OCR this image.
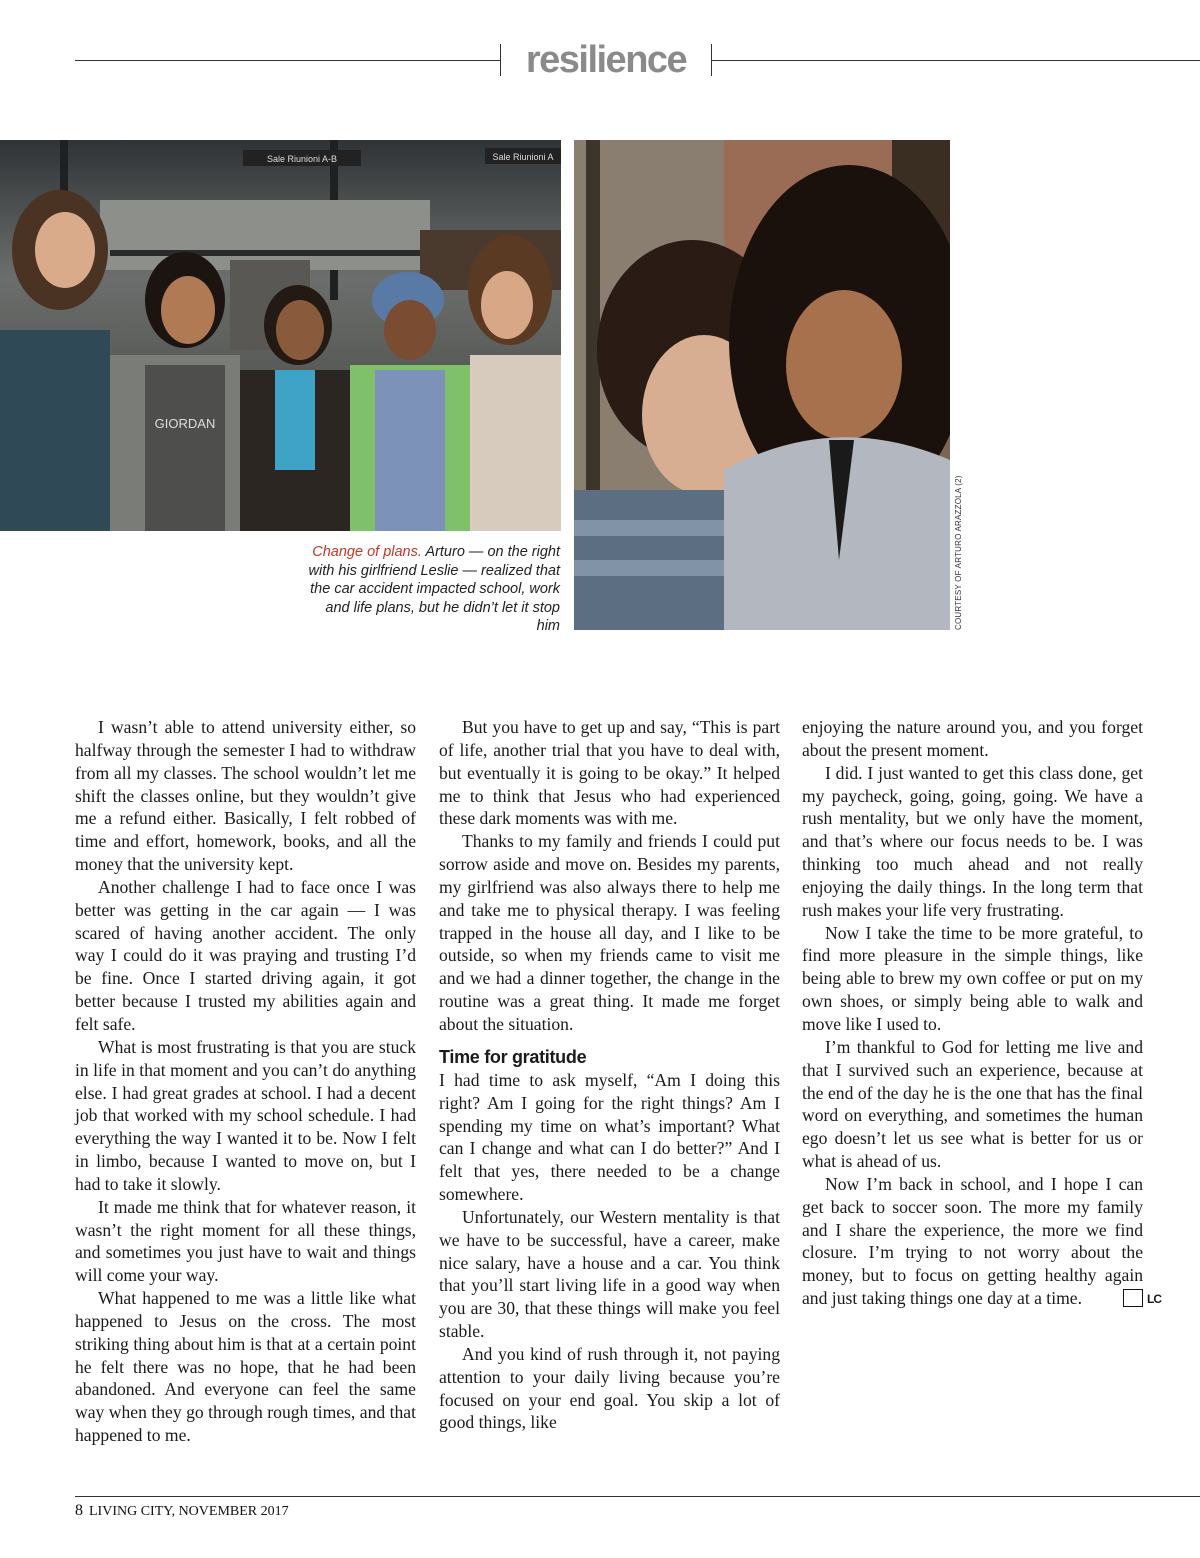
resilience
Sale Riunioni A-B	Sale Riunioni A
GIORDAN
COURTESY OF ARTURO ARAZZOLA (2)
Change of plans. Arturo — on the right with his girlfriend Leslie — realized that the car accident impacted school, work and life plans, but he didn’t let it stop him

I wasn’t able to attend university either, so halfway through the semester I had to withdraw from all my classes. The school wouldn’t let me shift the classes online, but they wouldn’t give me a refund either. Basically, I felt robbed of time and effort, homework, books, and all the money that the university kept.

Another challenge I had to face once I was better was getting in the car again — I was scared of having another accident. The only way I could do it was praying and trusting I’d be fine. Once I started driving again, it got better because I trusted my abilities again and felt safe.

What is most frustrating is that you are stuck in life in that moment and you can’t do anything else. I had great grades at school. I had a decent job that worked with my school schedule. I had everything the way I wanted it to be. Now I felt in limbo, because I wanted to move on, but I had to take it slowly.

It made me think that for whatever reason, it wasn’t the right moment for all these things, and sometimes you just have to wait and things will come your way.

What happened to me was a little like what happened to Jesus on the cross. The most striking thing about him is that at a certain point he felt there was no hope, that he had been abandoned. And everyone can feel the same way when they go through rough times, and that happened to me.

But you have to get up and say, “This is part of life, another trial that you have to deal with, but eventually it is going to be okay.” It helped me to think that Jesus who had experienced these dark moments was with me.

Thanks to my family and friends I could put sorrow aside and move on. Besides my parents, my girlfriend was also always there to help me and take me to physical therapy. I was feeling trapped in the house all day, and I like to be outside, so when my friends came to visit me and we had a dinner together, the change in the routine was a great thing. It made me forget about the situation.

Time for gratitude

I had time to ask myself, “Am I doing this right? Am I going for the right things? Am I spending my time on what’s important? What can I change and what can I do better?” And I felt that yes, there needed to be a change somewhere.

Unfortunately, our Western mentality is that we have to be successful, have a career, make nice salary, have a house and a car. You think that you’ll start living life in a good way when you are 30, that these things will make you feel stable.

And you kind of rush through it, not paying attention to your daily living because you’re focused on your end goal. You skip a lot of good things, like

enjoying the nature around you, and you forget about the present moment.

I did. I just wanted to get this class done, get my paycheck, going, going, going. We have a rush mentality, but we only have the moment, and that’s where our focus needs to be. I was thinking too much ahead and not really enjoying the daily things. In the long term that rush makes your life very frustrating.

Now I take the time to be more grateful, to find more pleasure in the simple things, like being able to brew my own coffee or put on my own shoes, or simply being able to walk and move like I used to.

I’m thankful to God for letting me live and that I survived such an experience, because at the end of the day he is the one that has the final word on everything, and sometimes the human ego doesn’t let us see what is better for us or what is ahead of us.

Now I’m back in school, and I hope I can get back to soccer soon. The more my family and I share the experience, the more we find closure. I’m trying to not worry about the money, but to focus on getting healthy again and just taking things one day at a time.	LC

8 LIVING CITY, NOVEMBER 2017
